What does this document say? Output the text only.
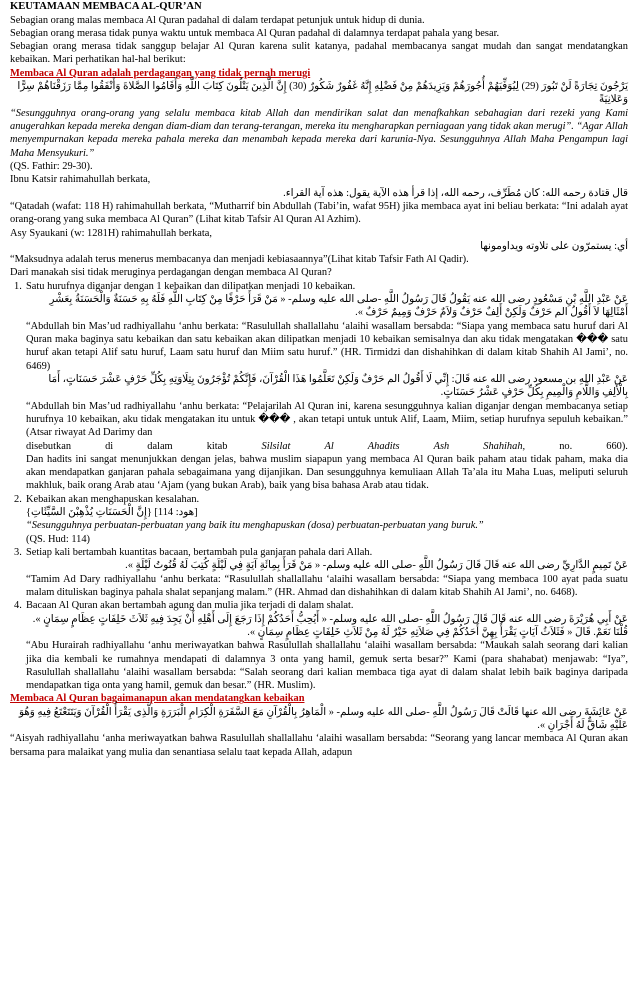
KEUTAMAAN MEMBACA AL-QUR’AN

Sebagian orang malas membaca Al Quran padahal di dalam terdapat petunjuk untuk hidup di dunia.

Sebagian orang merasa tidak punya waktu untuk membaca Al Quran padahal di dalamnya terdapat pahala yang besar.

Sebagian orang merasa tidak sanggup belajar Al Quran karena sulit katanya, padahal membacanya sangat mudah dan sangat mendatangkan kebaikan. Mari perhatikan hal-hal berikut:

Membaca Al Quran adalah perdagangan yang tidak pernah merugi

يَرْجُونَ تِجَارَةً لَنْ تَبُورَ (29) لِيُوَفِّيَهُمْ أُجُورَهُمْ وَيَزِيدَهُمْ مِنْ فَضْلِهِ إِنَّهُ غَفُورٌ شَكُورٌ (30) إِنَّ الَّذِينَ يَتْلُونَ كِتَابَ اللَّهِ وَأَقَامُوا الصَّلاةَ وَأَنْفَقُوا مِمَّا رَزَقْنَاهُمْ سِرًّا وَعَلانِيَةً

“Sesungguhnya orang-orang yang selalu membaca kitab Allah dan mendirikan salat dan menafkahkan sebahagian dari rezeki yang Kami anugerahkan kepada mereka dengan diam-diam dan terang-terangan, mereka itu mengharapkan perniagaan yang tidak akan merugi”. “Agar Allah menyempurnakan kepada mereka pahala mereka dan menambah kepada mereka dari karunia-Nya. Sesungguhnya Allah Maha Pengampun lagi Maha Mensyukuri.”

(QS. Fathir: 29-30).

Ibnu Katsir rahimahullah berkata,

قال قتادة رحمه الله: كان مُطَرِّف، رحمه الله، إذا قرأ هذه الآية يقول: هذه آية القراء.

“Qatadah (wafat: 118 H) rahimahullah berkata, “Mutharrif bin Abdullah (Tabi’in, wafat 95H) jika membaca ayat ini beliau berkata: “Ini adalah ayat orang-orang yang suka membaca Al Quran” (Lihat kitab Tafsir Al Quran Al Azhim).

Asy Syaukani (w: 1281H) rahimahullah berkata,

أي: يستمرّون على تلاوته ويداومونها

“Maksudnya adalah terus menerus membacanya dan menjadi kebiasaannya”(Lihat kitab Tafsir Fath Al Qadir).

Dari manakah sisi tidak meruginya perdagangan dengan membaca Al Quran?

1. Satu hurufnya diganjar dengan 1 kebaikan dan dilipatkan menjadi 10 kebaikan.

عَنْ عَبْدِ اللَّهِ بْنِ مَسْعُودٍ رضى الله عنه يَقُولُ قَالَ رَسُولُ اللَّهِ -صلى الله عليه وسلم- « مَنْ قَرَأَ حَرْفًا مِنْ كِتَابِ اللَّهِ فَلَهُ بِهِ حَسَنَةٌ وَالْحَسَنَةُ بِعَشْرِ أَمْثَالِهَا لاَ أَقُولُ الم حَرْفٌ وَلَكِنْ أَلِفٌ حَرْفٌ وَلاَمٌ حَرْفٌ وَمِيمٌ حَرْفٌ ».

“Abdullah bin Mas’ud radhiyallahu ‘anhu berkata: “Rasulullah shallallahu ‘alaihi wasallam bersabda: “Siapa yang membaca satu huruf dari Al Quran maka baginya satu kebaikan dan satu kebaikan akan dilipatkan menjadi 10 kebaikan semisalnya dan aku tidak mengatakan ��� satu huruf akan tetapi Alif satu huruf, Laam satu huruf dan Miim satu huruf.” (HR. Tirmidzi dan dishahihkan di dalam kitab Shahih Al Jami’, no. 6469)

عَنْ عَبْدِ اللهِ بن مسعود رضى الله عنه قَالَ: إِنِّي لَا أَقُولُ الم حَرْفٌ وَلَكِنْ تَعَلَّمُوا هَذَا الْقُرْآنَ، فَإِنَّكُمْ تُؤْجَرُونَ بِتِلَاوَتِهِ بِكُلِّ حَرْفٍ عَشْرَ حَسَنَاتٍ، أَمَا بِالْأَلِفِ وَاللَّامِ وَالْمِيمِ بِكُلِّ حَرْفٍ عَشْرُ حَسَنَاتٍ.

“Abdullah bin Mas’ud radhiyallahu ‘anhu berkata: “Pelajarilah Al Quran ini, karena sesungguhnya kalian diganjar dengan membacanya setiap hurufnya 10 kebaikan, aku tidak mengatakan itu untuk ��� , akan tetapi untuk untuk Alif, Laam, Miim, setiap hurufnya sepuluh kebaikan.” (Atsar riwayat Ad Darimy dan

disebutkan	di	dalam	kitab	Silsilat	Al	Ahadits	Ash	Shahihah,	no.	660).

Dan hadits ini sangat menunjukkan dengan jelas, bahwa muslim siapapun yang membaca Al Quran baik paham atau tidak paham, maka dia akan mendapatkan ganjaran pahala sebagaimana yang dijanjikan. Dan sesungguhnya kemuliaan Allah Ta’ala itu Maha Luas, meliputi seluruh makhluk, baik orang Arab atau ‘Ajam (yang bukan Arab), baik yang bisa bahasa Arab atau tidak.

2. Kebaikan akan menghapuskan kesalahan.

{إِنَّ الْحَسَنَاتِ يُذْهِبْنَ السَّيِّئَاتِ} [هود: 114]

“Sesungguhnya perbuatan-perbuatan yang baik itu menghapuskan (dosa) perbuatan-perbuatan yang buruk.”

(QS. Hud: 114)

3. Setiap kali bertambah kuantitas bacaan, bertambah pula ganjaran pahala dari Allah.

عَنْ تَمِيمٍ الدَّارِيِّ رضى الله عنه قَالَ قَالَ رَسُولُ اللَّهِ -صلى الله عليه وسلم- « مَنْ قَرَأَ بِمِائَةِ آيَةٍ فِي لَيْلَةٍ كُتِبَ لَهُ قُنُوتُ لَيْلَةٍ ».

“Tamim Ad Dary radhiyallahu ‘anhu berkata: “Rasulullah shallallahu ‘alaihi wasallam bersabda: “Siapa yang membaca 100 ayat pada suatu malam dituliskan baginya pahala shalat sepanjang malam.” (HR. Ahmad dan dishahihkan di dalam kitab Shahih Al Jami’, no. 6468).

4. Bacaan Al Quran akan bertambah agung dan mulia jika terjadi di dalam shalat.

عَنْ أَبِي هُرَيْرَةَ رضى الله عنه قَالَ قَالَ رَسُولُ اللَّهِ -صلى الله عليه وسلم- « أَيُحِبُّ أَحَدُكُمْ إِذَا رَجَعَ إِلَى أَهْلِهِ أَنْ يَجِدَ فِيهِ ثَلاَثَ خَلِفَاتٍ عِظَامٍ سِمَانٍ ». قُلْنَا نَعَمْ. قَالَ « فَثَلاَثُ آيَاتٍ يَقْرَأُ بِهِنَّ أَحَدُكُمْ فِي صَلاَتِهِ خَيْرٌ لَهُ مِنْ ثَلاَثِ خَلِفَاتٍ عِظَامٍ سِمَانٍ ».

“Abu Hurairah radhiyallahu ‘anhu meriwayatkan bahwa Rasulullah shallallahu ‘alaihi wasallam bersabda: “Maukah salah seorang dari kalian jika dia kembali ke rumahnya mendapati di dalamnya 3 onta yang hamil, gemuk serta besar?” Kami (para shahabat) menjawab: “Iya”, Rasulullah shallallahu ‘alaihi wasallam bersabda: “Salah seorang dari kalian membaca tiga ayat di dalam shalat lebih baik baginya daripada mendapatkan tiga onta yang hamil, gemuk dan besar.” (HR. Muslim).

Membaca Al Quran bagaimanapun akan mendatangkan kebaikan

عَنْ عَائِشَةَ رضى الله عنها قَالَتْ قَالَ رَسُولُ اللَّهِ -صلى الله عليه وسلم- « الْمَاهِرُ بِالْقُرْآنِ مَعَ السَّفَرَةِ الْكِرَامِ الْبَرَرَةِ وَالَّذِى يَقْرَأُ الْقُرْآنَ وَيَتَتَعْتَعُ فِيهِ وَهُوَ عَلَيْهِ شَاقٌّ لَهُ أَجْرَانِ ».

“Aisyah radhiyallahu ‘anha meriwayatkan bahwa Rasulullah shallallahu ‘alaihi wasallam bersabda: “Seorang yang lancar membaca Al Quran akan bersama para malaikat yang mulia dan senantiasa selalu taat kepada Allah, adapun
